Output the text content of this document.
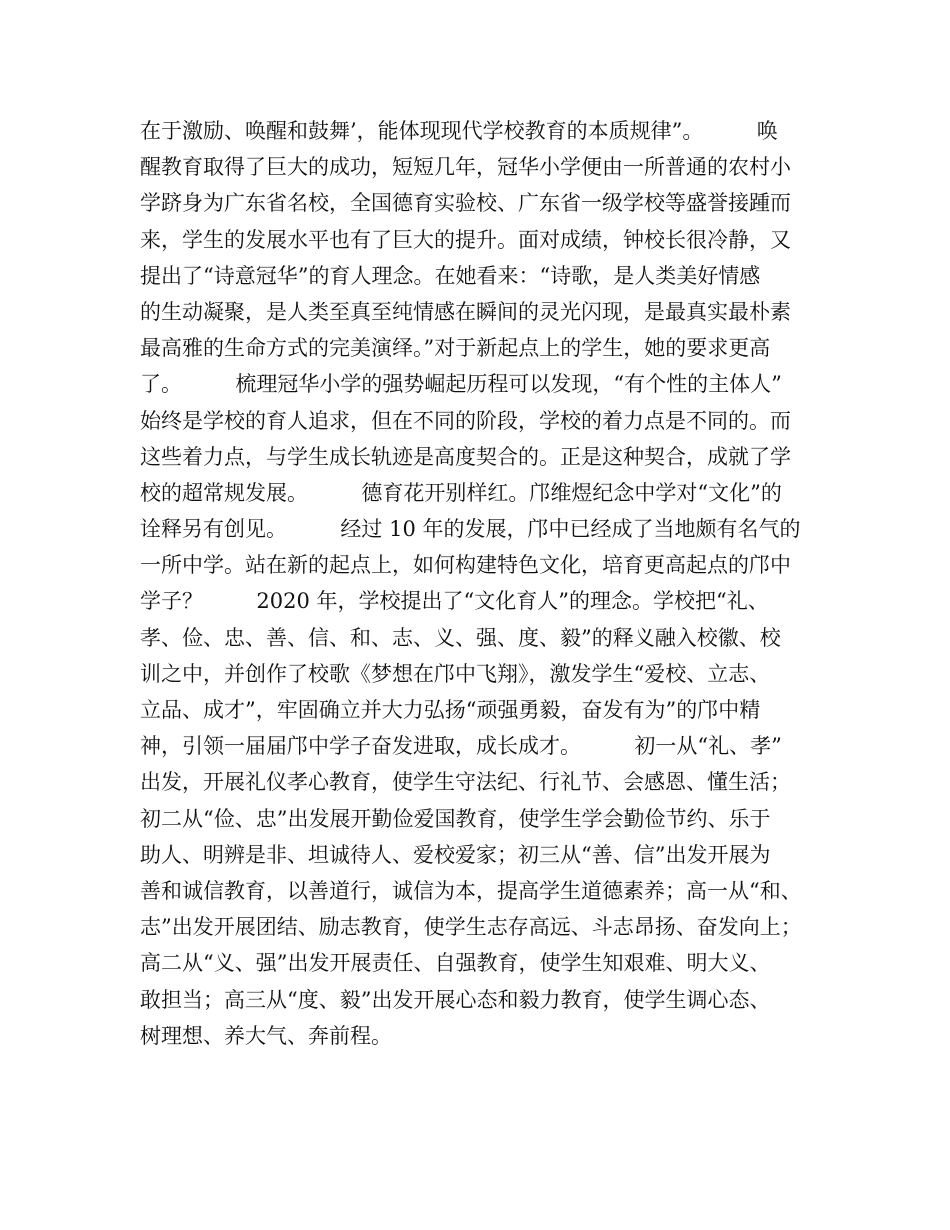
在于激励、唤醒和鼓舞’，能体现现代学校教育的本质规律”。        唤
醒教育取得了巨大的成功，短短几年，冠华小学便由一所普通的农村小
学跻身为广东省名校，全国德育实验校、广东省一级学校等盛誉接踵而
来，学生的发展水平也有了巨大的提升。面对成绩，钟校长很冷静，又
提出了“诗意冠华”的育人理念。在她看来：“诗歌，是人类美好情感
的生动凝聚，是人类至真至纯情感在瞬间的灵光闪现，是最真实最朴素
最高雅的生命方式的完美演绎。”对于新起点上的学生，她的要求更高
了。        梳理冠华小学的强势崛起历程可以发现，“有个性的主体人”
始终是学校的育人追求，但在不同的阶段，学校的着力点是不同的。而
这些着力点，与学生成长轨迹是高度契合的。正是这种契合，成就了学
校的超常规发展。        德育花开别样红。邝维煜纪念中学对“文化”的
诠释另有创见。        经过 10 年的发展，邝中已经成了当地颇有名气的
一所中学。站在新的起点上，如何构建特色文化，培育更高起点的邝中
学子？        2020 年，学校提出了“文化育人”的理念。学校把“礼、
孝、俭、忠、善、信、和、志、义、强、度、毅”的释义融入校徽、校
训之中，并创作了校歌《梦想在邝中飞翔》，激发学生“爱校、立志、
立品、成才”，牢固确立并大力弘扬“顽强勇毅，奋发有为”的邝中精
神，引领一届届邝中学子奋发进取，成长成才。        初一从“礼、孝”
出发，开展礼仪孝心教育，使学生守法纪、行礼节、会感恩、懂生活；
初二从“俭、忠”出发展开勤俭爱国教育，使学生学会勤俭节约、乐于
助人、明辨是非、坦诚待人、爱校爱家；初三从“善、信”出发开展为
善和诚信教育，以善道行，诚信为本，提高学生道德素养；高一从“和、
志”出发开展团结、励志教育，使学生志存高远、斗志昂扬、奋发向上；
高二从“义、强”出发开展责任、自强教育，使学生知艰难、明大义、
敢担当；高三从“度、毅”出发开展心态和毅力教育，使学生调心态、
树理想、养大气、奔前程。
